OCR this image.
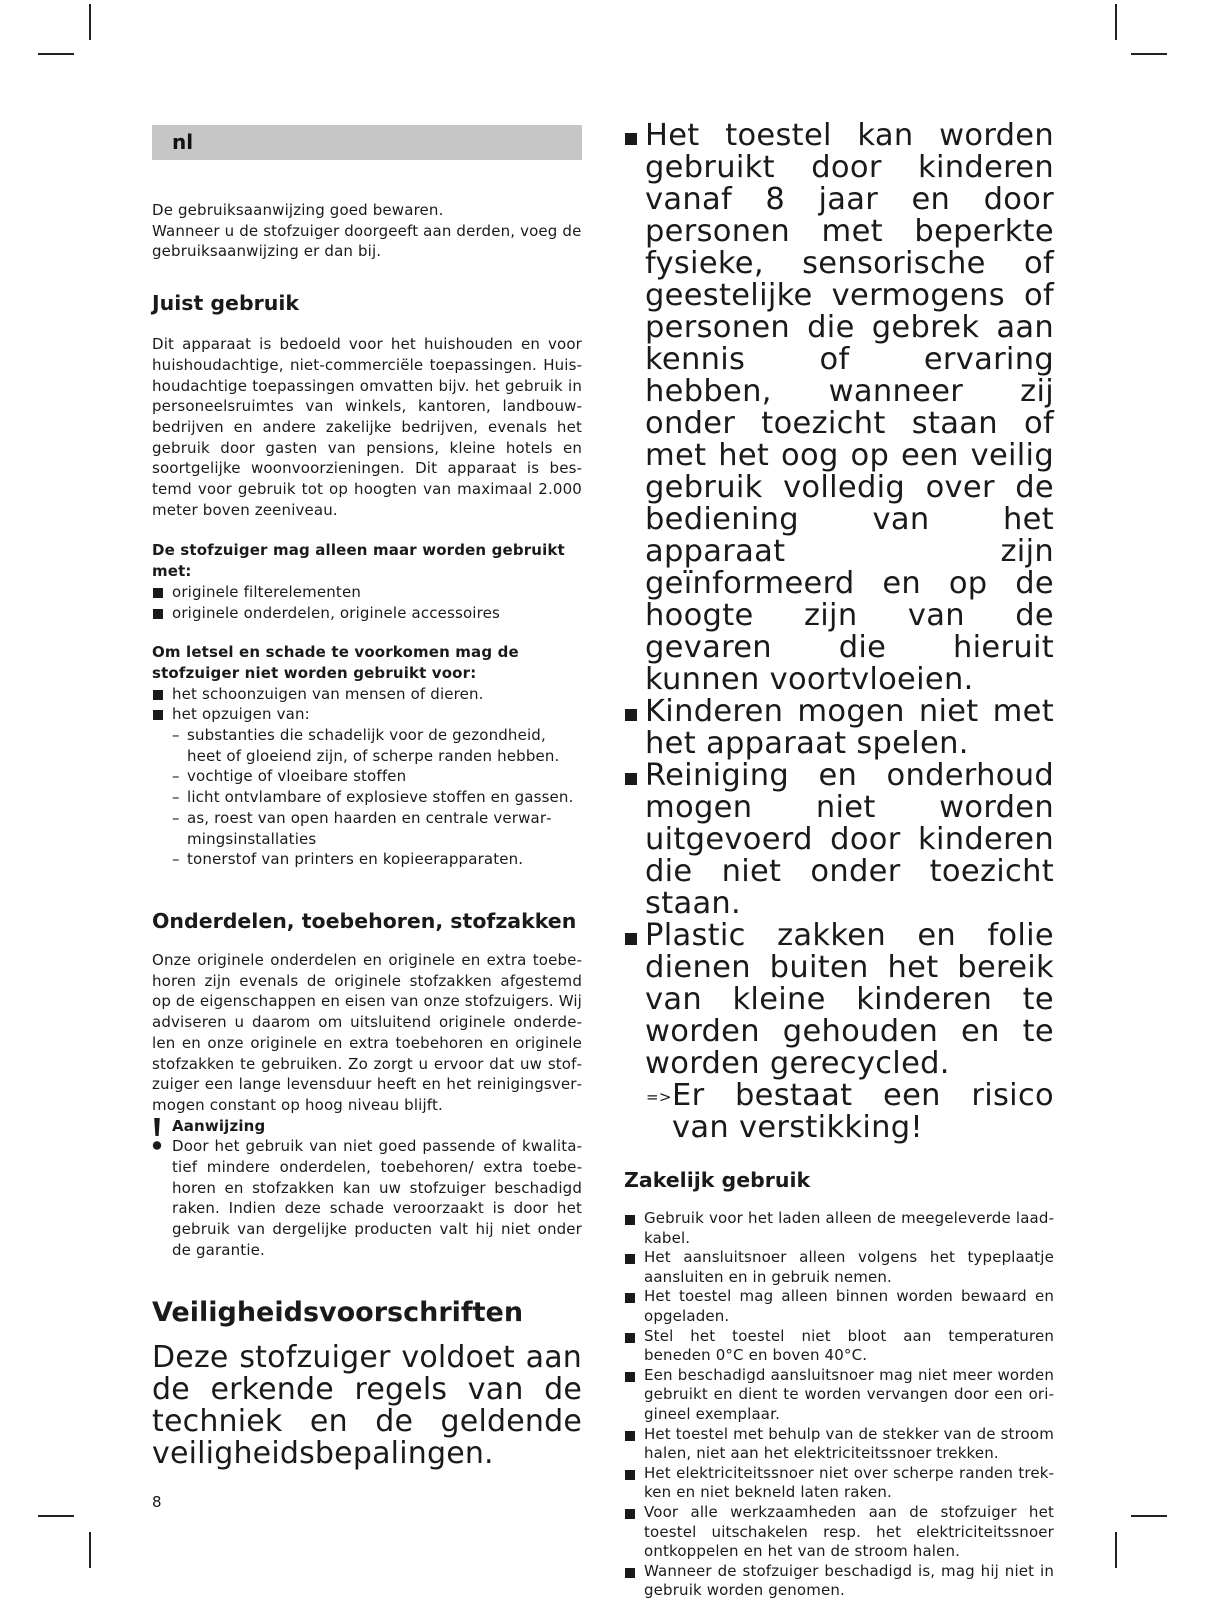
nl

De gebruiksaanwijzing goed bewaren.

Wanneer u de stofzuiger doorgeeft aan derden, voeg de gebruiksaanwijzing er dan bij.

Juist gebruik

Dit apparaat is bedoeld voor het huishouden en voor huishoudachtige, niet-commerciële toepassingen. Huishoudachtige toepassingen omvatten bijv. het gebruik in personeelsruimtes van winkels, kantoren, landbouwbedrijven en andere zakelijke bedrijven, evenals het gebruik door gasten van pensions, kleine hotels en soortgelijke woonvoorzieningen. Dit apparaat is bestemd voor gebruik tot op hoogten van maximaal 2.000 meter boven zeeniveau.

De stofzuiger mag alleen maar worden gebruikt met:

originele filterelementen
originele onderdelen, originele accessoires

Om letsel en schade te voorkomen mag de stofzuiger niet worden gebruikt voor:

het schoonzuigen van mensen of dieren.
het opzuigen van:
– substanties die schadelijk voor de gezondheid, heet of gloeiend zijn, of scherpe randen hebben.
– vochtige of vloeibare stoffen
– licht ontvlambare of explosieve stoffen en gassen.
– as, roest van open haarden en centrale verwarmingsinstallaties
– tonerstof van printers en kopieerapparaten.
Onderdelen, toebehoren, stofzakken

Onze originele onderdelen en originele en extra toebehoren zijn evenals de originele stofzakken afgestemd op de eigenschappen en eisen van onze stofzuigers. Wij adviseren u daarom om uitsluitend originele onderdelen en onze originele en extra toebehoren en originele stofzakken te gebruiken. Zo zorgt u ervoor dat uw stofzuiger een lange levensduur heeft en het reinigingsvermogen constant op hoog niveau blijft.

Aanwijzing

Door het gebruik van niet goed passende of kwalitatief mindere onderdelen, toebehoren/ extra toebehoren en stofzakken kan uw stofzuiger beschadigd raken. Indien deze schade veroorzaakt is door het gebruik van dergelijke producten valt hij niet onder de garantie.

Veiligheidsvoorschriften

Deze stofzuiger voldoet aan de erkende regels van de techniek en de geldende veiligheidsbepalingen.

8

Het toestel kan worden gebruikt door kinderen vanaf 8 jaar en door personen met beperkte fysieke, sensorische of geestelijke vermogens of personen die gebrek aan kennis of ervaring hebben, wanneer zij onder toezicht staan of met het oog op een veilig gebruik volledig over de bediening van het apparaat zijn geïnformeerd en op de hoogte zijn van de gevaren die hieruit kunnen voortvloeien.
Kinderen mogen niet met het apparaat spelen.
Reiniging en onderhoud mogen niet worden uitgevoerd door kinderen die niet onder toezicht staan.
Plastic zakken en folie dienen buiten het bereik van kleine kinderen te worden gehouden en te worden gerecycled.
=> Er bestaat een risico van verstikking!
Zakelijk gebruik
Gebruik voor het laden alleen de meegeleverde laadkabel.
Het aansluitsnoer alleen volgens het typeplaatje aansluiten en in gebruik nemen.
Het toestel mag alleen binnen worden bewaard en opgeladen.
Stel het toestel niet bloot aan temperaturen beneden 0°C en boven 40°C.
Een beschadigd aansluitsnoer mag niet meer worden gebruikt en dient te worden vervangen door een origineel exemplaar.
Het toestel met behulp van de stekker van de stroom halen, niet aan het elektriciteitssnoer trekken.
Het elektriciteitssnoer niet over scherpe randen trekken en niet bekneld laten raken.
Voor alle werkzaamheden aan de stofzuiger het toestel uitschakelen resp. het elektriciteitssnoer ontkoppelen en het van de stroom halen.
Wanneer de stofzuiger beschadigd is, mag hij niet in gebruik worden genomen.
